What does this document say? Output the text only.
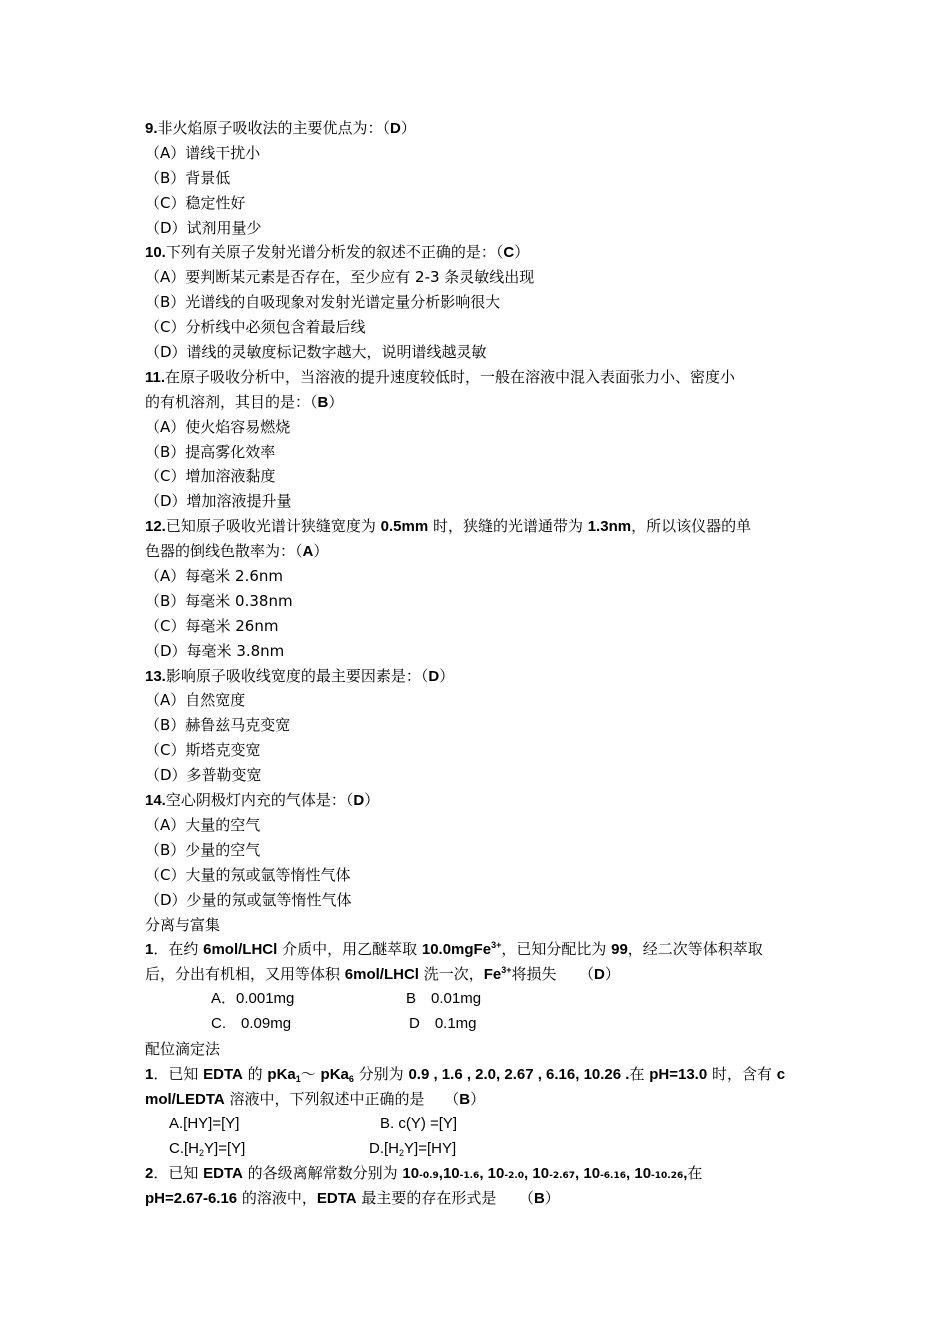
9.非火焰原子吸收法的主要优点为：（D）
（A）谱线干扰小
（B）背景低
（C）稳定性好
（D）试剂用量少
10.下列有关原子发射光谱分析发的叙述不正确的是：（C）
（A）要判断某元素是否存在，至少应有 2-3 条灵敏线出现
（B）光谱线的自吸现象对发射光谱定量分析影响很大
（C）分析线中必须包含着最后线
（D）谱线的灵敏度标记数字越大，说明谱线越灵敏
11.在原子吸收分析中，当溶液的提升速度较低时，一般在溶液中混入表面张力小、密度小
的有机溶剂，其目的是：（B）
（A）使火焰容易燃烧
（B）提高雾化效率
（C）增加溶液黏度
（D）增加溶液提升量
12.已知原子吸收光谱计狭缝宽度为 0.5mm 时，狭缝的光谱通带为 1.3nm，所以该仪器的单
色器的倒线色散率为：（A）
（A）每毫米 2.6nm
（B）每毫米 0.38nm
（C）每毫米 26nm
（D）每毫米 3.8nm
13.影响原子吸收线宽度的最主要因素是：（D）
（A）自然宽度
（B）赫鲁兹马克变宽
（C）斯塔克变宽
（D）多普勒变宽
14.空心阴极灯内充的气体是：（D）
（A）大量的空气
（B）少量的空气
（C）大量的氖或氩等惰性气体
（D）少量的氖或氩等惰性气体
分离与富集
1．在约 6mol/LHCl 介质中，用乙醚萃取 10.0mgFe$^{3+}$，已知分配比为 99，经二次等体积萃取
后，分出有机相，又用等体积 6mol/LHCl 洗一次，$Fe^{3+}$将损失　　（D）
A．0.001mg	B　0.01mg
C.　0.09mg	D　0.1mg
配位滴定法
1．已知 EDTA 的 pKa$_1$～ pKa$_6$ 分别为 0.9 , 1.6 , 2.0, 2.67 , 6.16, 10.26 .在 pH=13.0 时，含有 c
mol/LEDTA 溶液中，下列叙述中正确的是　 （B）
A.[HY]=[Y]	B. c(Y) =[Y]
$C.[H_2Y]=[Y]$	$D.[H_2Y]=[HY]$
2．已知 EDTA 的各级离解常数分别为 10-0.9,10-1.6, 10-2.0, 10-2.67, 10-6.16, 10-10.26,在
pH=2.67-6.16 的溶液中，EDTA 最主要的存在形式是　　（B）
